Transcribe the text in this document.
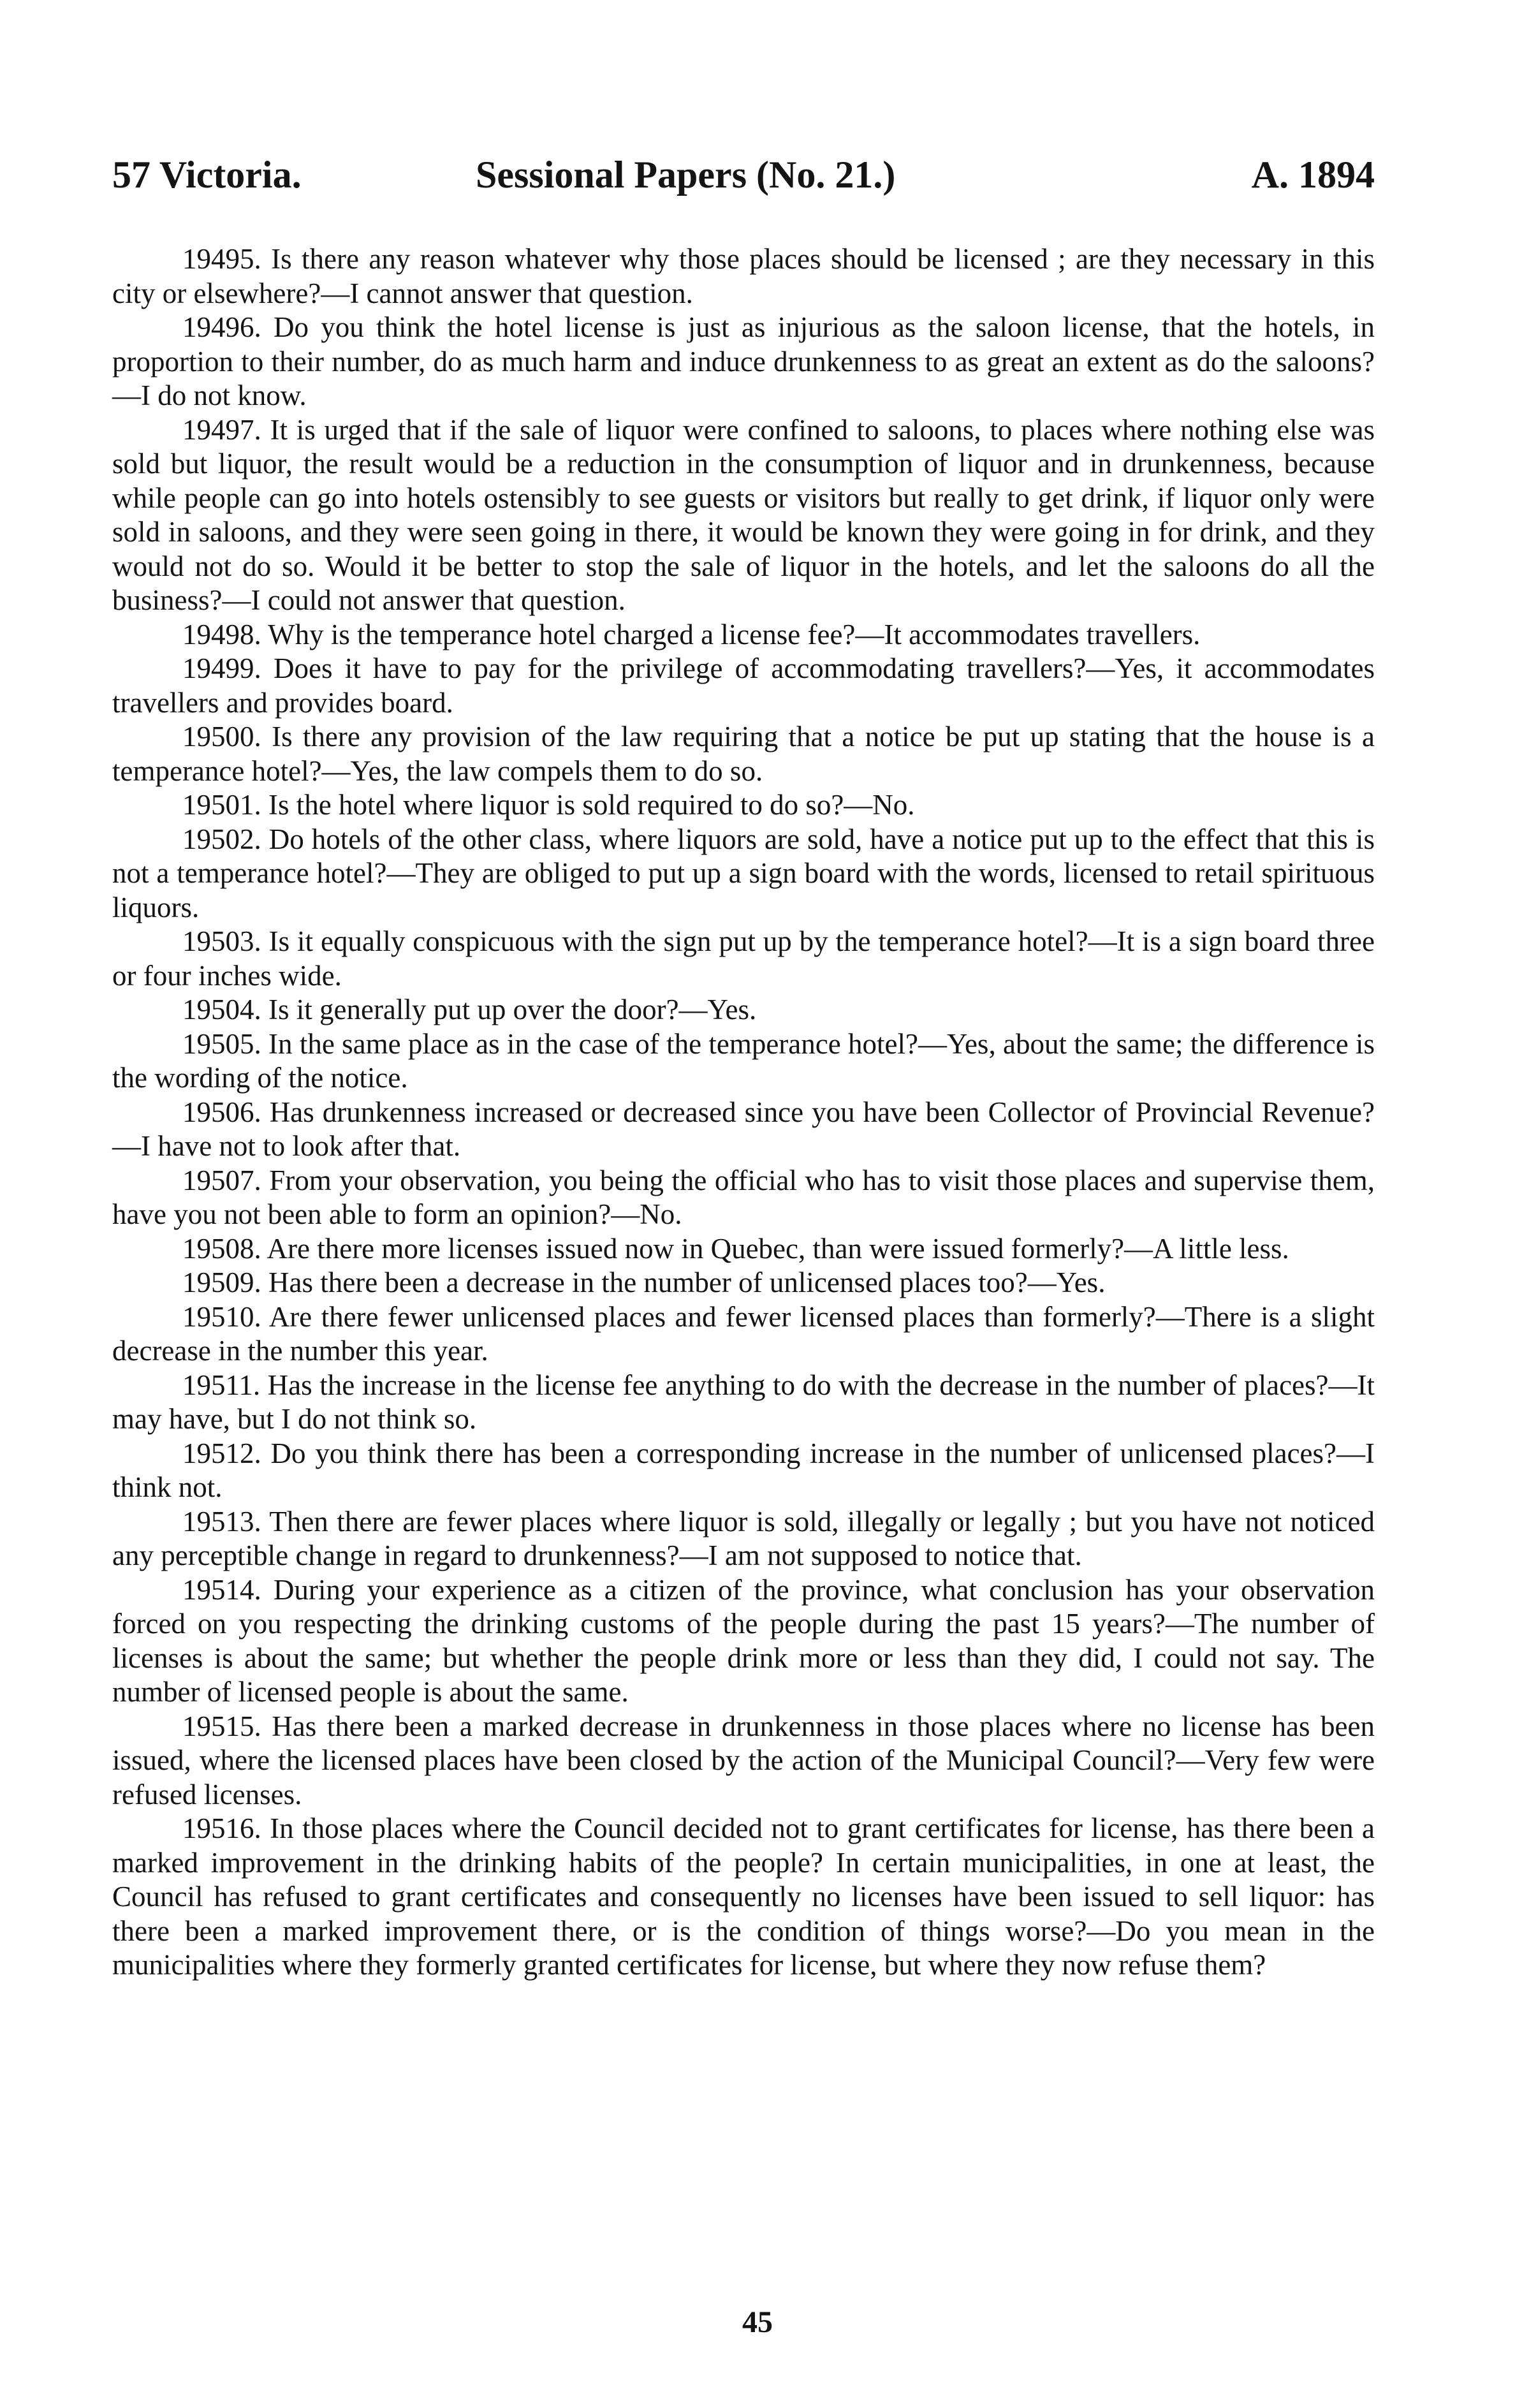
57 Victoria.	Sessional Papers (No. 21.)	A. 1894

19495. Is there any reason whatever why those places should be licensed ; are they necessary in this city or elsewhere?—I cannot answer that question.

19496. Do you think the hotel license is just as injurious as the saloon license, that the hotels, in proportion to their number, do as much harm and induce drunkenness to as great an extent as do the saloons?—I do not know.

19497. It is urged that if the sale of liquor were confined to saloons, to places where nothing else was sold but liquor, the result would be a reduction in the consumption of liquor and in drunkenness, because while people can go into hotels ostensibly to see guests or visitors but really to get drink, if liquor only were sold in saloons, and they were seen going in there, it would be known they were going in for drink, and they would not do so. Would it be better to stop the sale of liquor in the hotels, and let the saloons do all the business?—I could not answer that question.

19498. Why is the temperance hotel charged a license fee?—It accommodates travellers.

19499. Does it have to pay for the privilege of accommodating travellers?—Yes, it accommodates travellers and provides board.

19500. Is there any provision of the law requiring that a notice be put up stating that the house is a temperance hotel?—Yes, the law compels them to do so.

19501. Is the hotel where liquor is sold required to do so?—No.

19502. Do hotels of the other class, where liquors are sold, have a notice put up to the effect that this is not a temperance hotel?—They are obliged to put up a sign board with the words, licensed to retail spirituous liquors.

19503. Is it equally conspicuous with the sign put up by the temperance hotel?—It is a sign board three or four inches wide.

19504. Is it generally put up over the door?—Yes.

19505. In the same place as in the case of the temperance hotel?—Yes, about the same; the difference is the wording of the notice.

19506. Has drunkenness increased or decreased since you have been Collector of Provincial Revenue?—I have not to look after that.

19507. From your observation, you being the official who has to visit those places and supervise them, have you not been able to form an opinion?—No.

19508. Are there more licenses issued now in Quebec, than were issued formerly?—A little less.

19509. Has there been a decrease in the number of unlicensed places too?—Yes.

19510. Are there fewer unlicensed places and fewer licensed places than formerly?—There is a slight decrease in the number this year.

19511. Has the increase in the license fee anything to do with the decrease in the number of places?—It may have, but I do not think so.

19512. Do you think there has been a corresponding increase in the number of unlicensed places?—I think not.

19513. Then there are fewer places where liquor is sold, illegally or legally ; but you have not noticed any perceptible change in regard to drunkenness?—I am not supposed to notice that.

19514. During your experience as a citizen of the province, what conclusion has your observation forced on you respecting the drinking customs of the people during the past 15 years?—The number of licenses is about the same; but whether the people drink more or less than they did, I could not say. The number of licensed people is about the same.

19515. Has there been a marked decrease in drunkenness in those places where no license has been issued, where the licensed places have been closed by the action of the Municipal Council?—Very few were refused licenses.

19516. In those places where the Council decided not to grant certificates for license, has there been a marked improvement in the drinking habits of the people? In certain municipalities, in one at least, the Council has refused to grant certificates and consequently no licenses have been issued to sell liquor: has there been a marked improvement there, or is the condition of things worse?—Do you mean in the municipalities where they formerly granted certificates for license, but where they now refuse them?

45
